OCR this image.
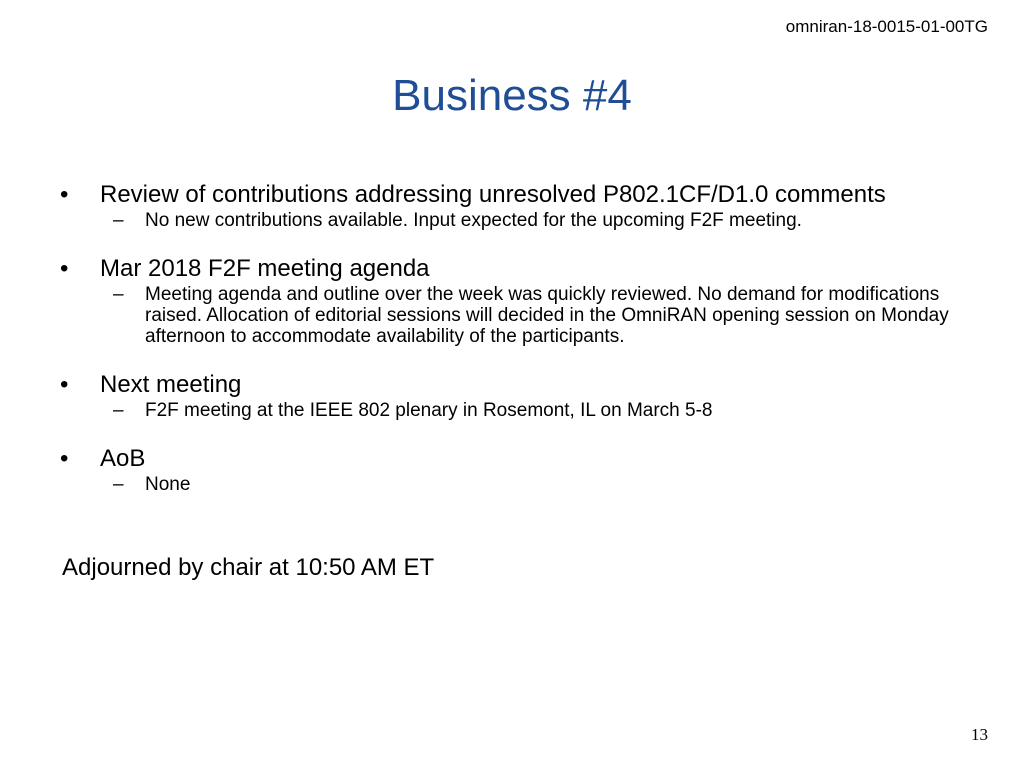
omniran-18-0015-01-00TG
Business #4
• Review of contributions addressing unresolved P802.1CF/D1.0 comments
– No new contributions available. Input expected for the upcoming F2F meeting.
• Mar 2018 F2F meeting agenda
– Meeting agenda and outline over the week was quickly reviewed. No demand for modifications raised. Allocation of editorial sessions will decided in the OmniRAN opening session on Monday afternoon to accommodate availability of the participants.
• Next meeting
– F2F meeting at the IEEE 802 plenary in Rosemont, IL on March 5-8
• AoB
– None
Adjourned by chair at 10:50 AM ET
13
